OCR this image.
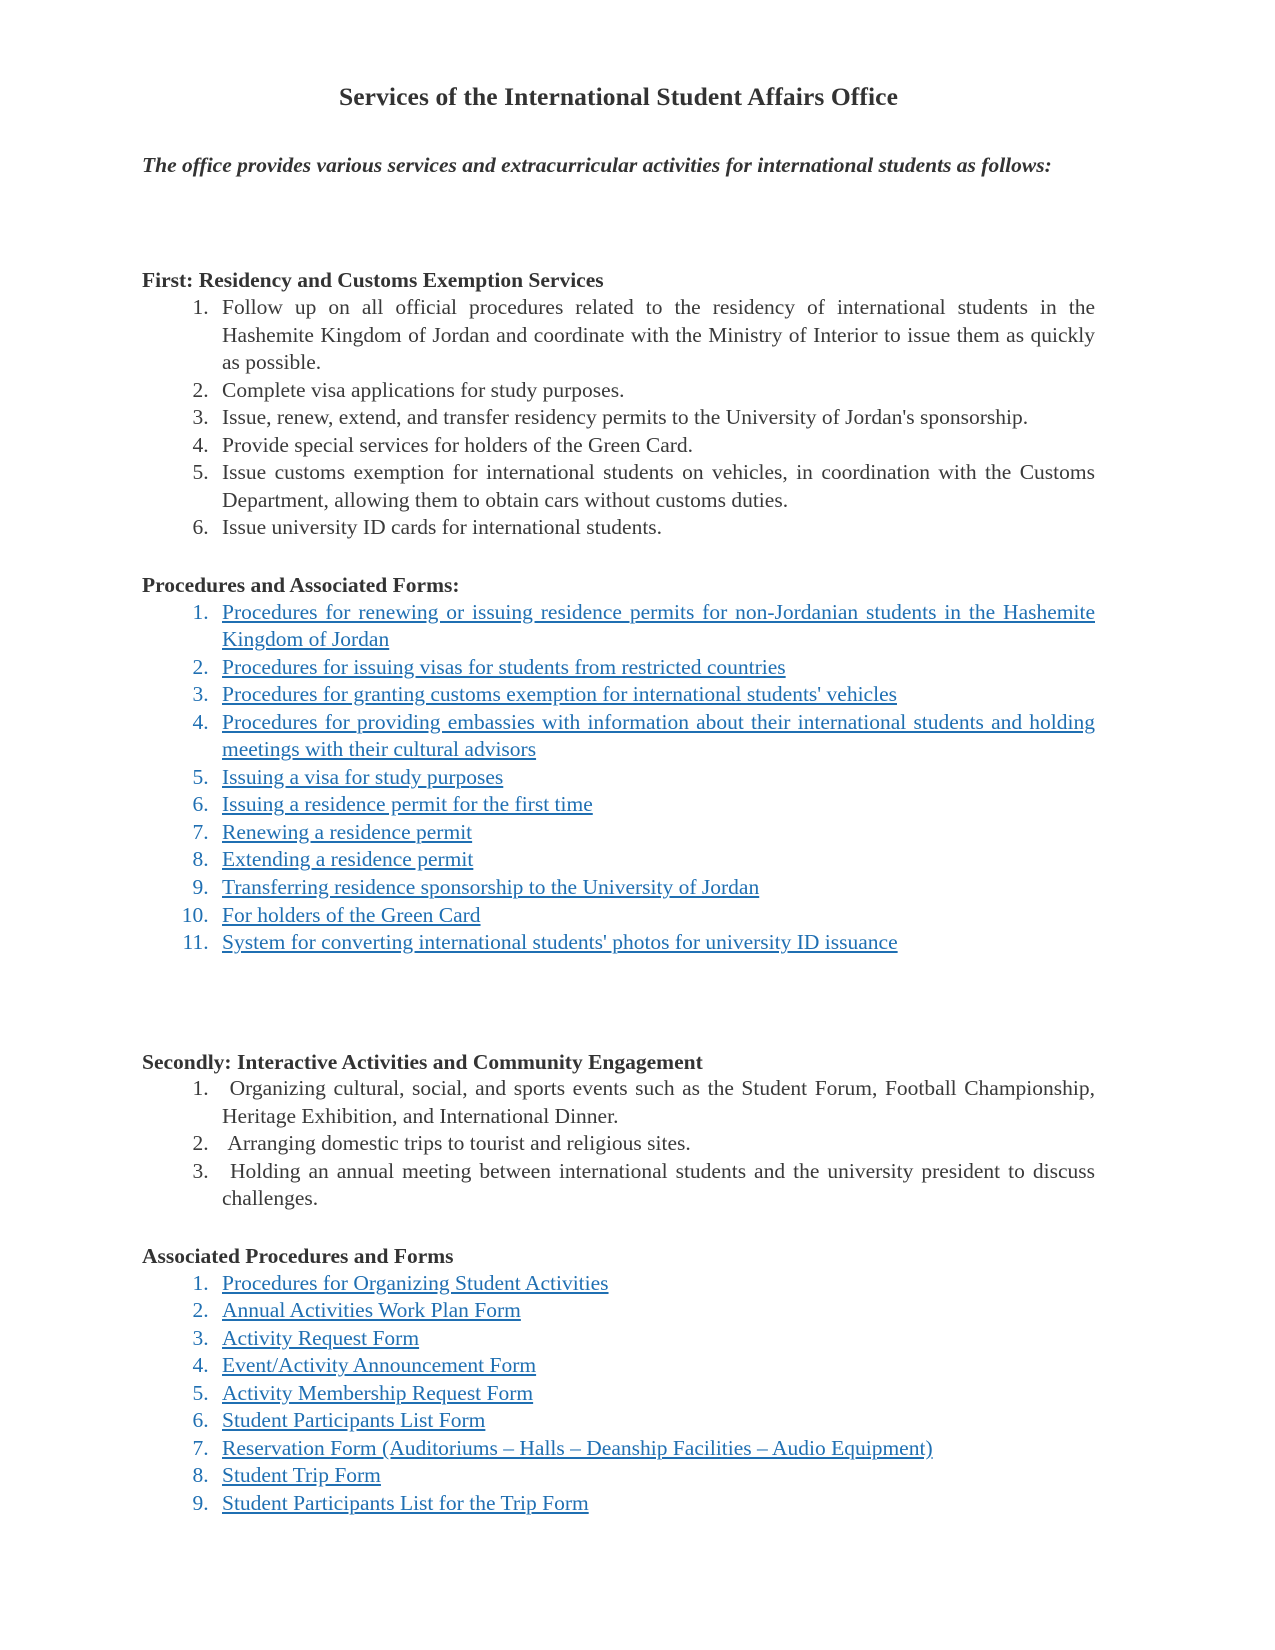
Services of the International Student Affairs Office

The office provides various services and extracurricular activities for international students as follows:

First: Residency and Customs Exemption Services
1. Follow up on all official procedures related to the residency of international students in the Hashemite Kingdom of Jordan and coordinate with the Ministry of Interior to issue them as quickly as possible.
2. Complete visa applications for study purposes.
3. Issue, renew, extend, and transfer residency permits to the University of Jordan's sponsorship.
4. Provide special services for holders of the Green Card.
5. Issue customs exemption for international students on vehicles, in coordination with the Customs Department, allowing them to obtain cars without customs duties.
6. Issue university ID cards for international students.
Procedures and Associated Forms:
1. Procedures for renewing or issuing residence permits for non-Jordanian students in the Hashemite Kingdom of Jordan
2. Procedures for issuing visas for students from restricted countries
3. Procedures for granting customs exemption for international students' vehicles
4. Procedures for providing embassies with information about their international students and holding meetings with their cultural advisors
5. Issuing a visa for study purposes
6. Issuing a residence permit for the first time
7. Renewing a residence permit
8. Extending a residence permit
9. Transferring residence sponsorship to the University of Jordan
10. For holders of the Green Card
11. System for converting international students' photos for university ID issuance
Secondly: Interactive Activities and Community Engagement
1. Organizing cultural, social, and sports events such as the Student Forum, Football Championship, Heritage Exhibition, and International Dinner.
2. Arranging domestic trips to tourist and religious sites.
3. Holding an annual meeting between international students and the university president to discuss challenges.
Associated Procedures and Forms
1. Procedures for Organizing Student Activities
2. Annual Activities Work Plan Form
3. Activity Request Form
4. Event/Activity Announcement Form
5. Activity Membership Request Form
6. Student Participants List Form
7. Reservation Form (Auditoriums – Halls – Deanship Facilities – Audio Equipment)
8. Student Trip Form
9. Student Participants List for the Trip Form
